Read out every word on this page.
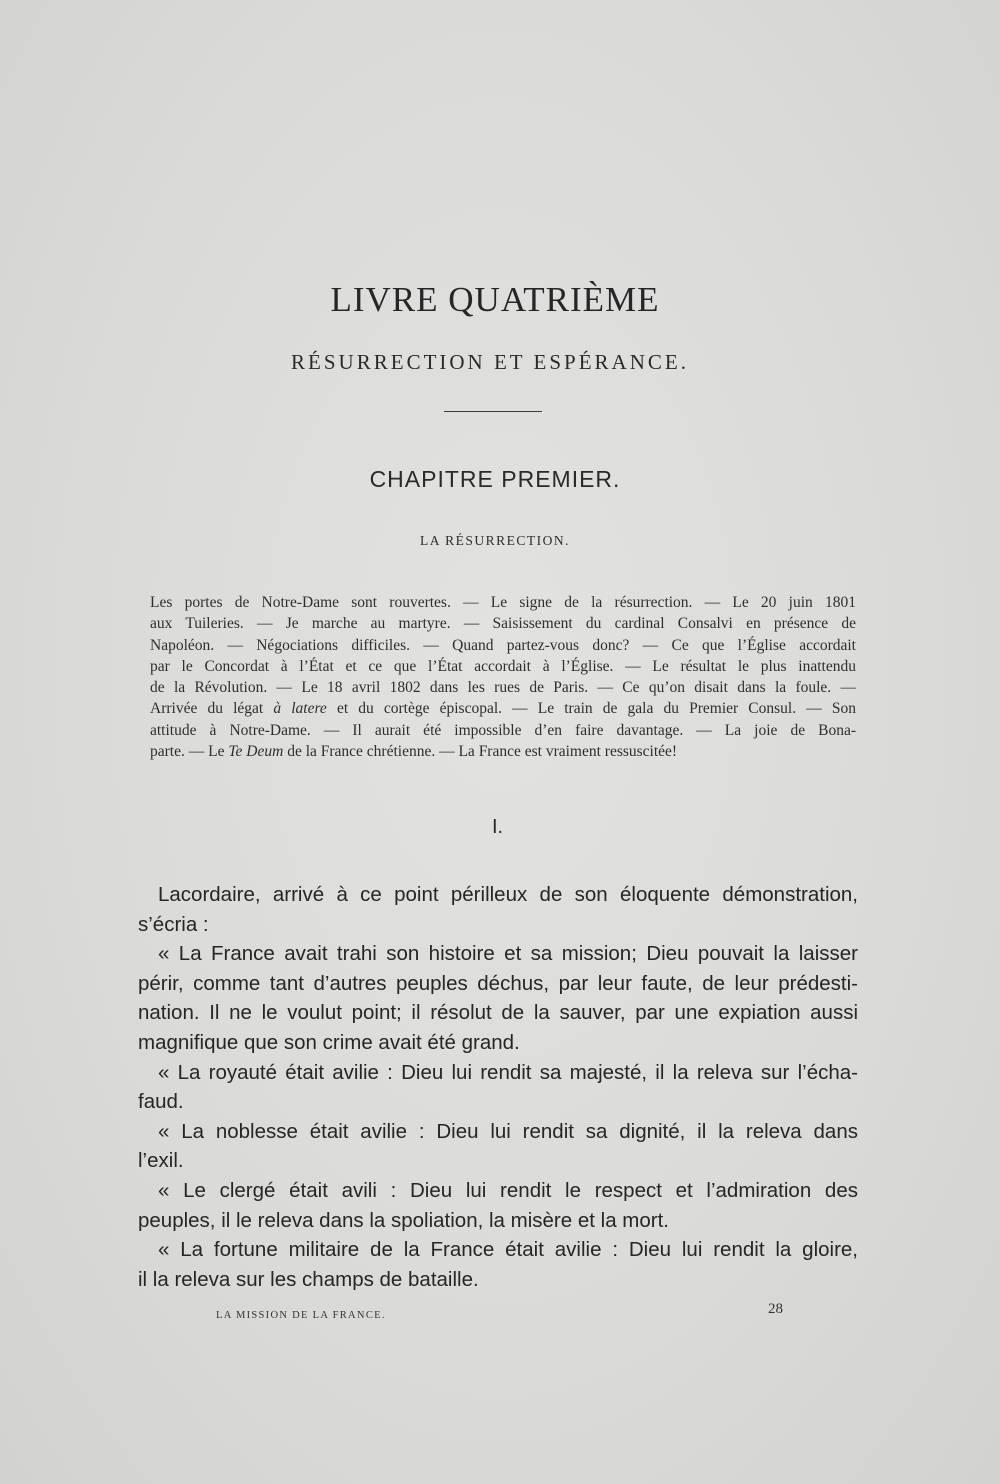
LIVRE QUATRIÈME
RÉSURRECTION ET ESPÉRANCE.
CHAPITRE PREMIER.
LA RÉSURRECTION.
Les portes de Notre-Dame sont rouvertes. — Le signe de la résurrection. — Le 20 juin 1801
aux Tuileries. — Je marche au martyre. — Saisissement du cardinal Consalvi en présence de
Napoléon. — Négociations difficiles. — Quand partez-vous donc? — Ce que l’Église accordait
par le Concordat à l’État et ce que l’État accordait à l’Église. — Le résultat le plus inattendu
de la Révolution. — Le 18 avril 1802 dans les rues de Paris. — Ce qu’on disait dans la foule. —
Arrivée du légat à latere et du cortège épiscopal. — Le train de gala du Premier Consul. — Son
attitude à Notre-Dame. — Il aurait été impossible d’en faire davantage. — La joie de Bona-
parte. — Le Te Deum de la France chrétienne. — La France est vraiment ressuscitée!
I.
Lacordaire, arrivé à ce point périlleux de son éloquente démonstration,
s’écria :
« La France avait trahi son histoire et sa mission; Dieu pouvait la laisser
périr, comme tant d’autres peuples déchus, par leur faute, de leur prédesti-
nation. Il ne le voulut point; il résolut de la sauver, par une expiation aussi
magnifique que son crime avait été grand.
« La royauté était avilie : Dieu lui rendit sa majesté, il la releva sur l’écha-
faud.
« La noblesse était avilie : Dieu lui rendit sa dignité, il la releva dans
l’exil.
« Le clergé était avili : Dieu lui rendit le respect et l’admiration des
peuples, il le releva dans la spoliation, la misère et la mort.
« La fortune militaire de la France était avilie : Dieu lui rendit la gloire,
il la releva sur les champs de bataille.
LA MISSION DE LA FRANCE.	28
